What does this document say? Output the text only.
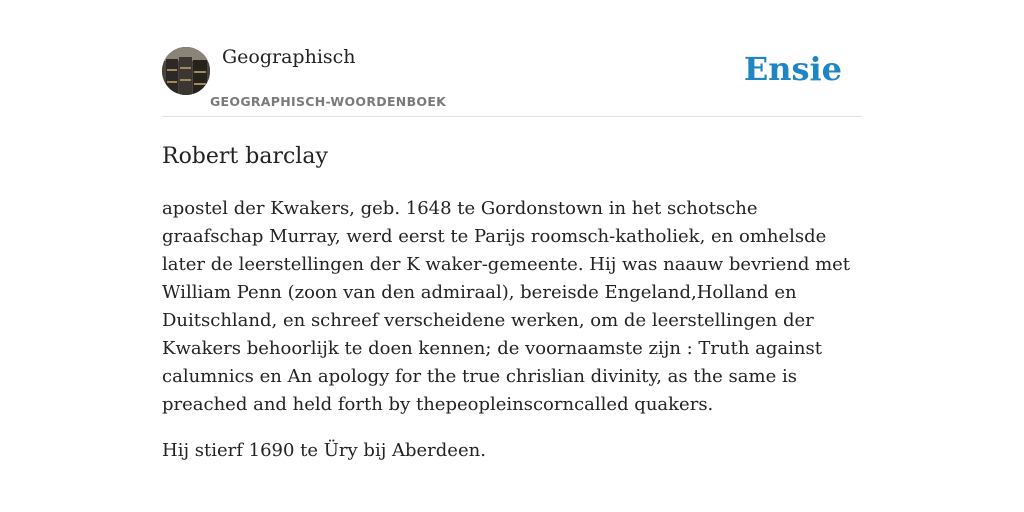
Geographisch
GEOGRAPHISCH-WOORDENBOEK
Ensie
Robert barclay

apostel der Kwakers, geb. 1648 te Gordonstown in het schotsche graafschap Murray, werd eerst te Parijs roomsch-katholiek, en omhelsde later de leerstellingen der K waker-gemeente. Hij was naauw bevriend met William Penn (zoon van den admiraal), bereisde Engeland,Holland en Duitschland, en schreef verscheidene werken, om de leerstellingen der Kwakers behoorlijk te doen kennen; de voornaamste zijn : Truth against calumnics en An apology for the true chrislian divinity, as the same is preached and held forth by thepeopleinscorncalled quakers.

Hij stierf 1690 te Üry bij Aberdeen.
